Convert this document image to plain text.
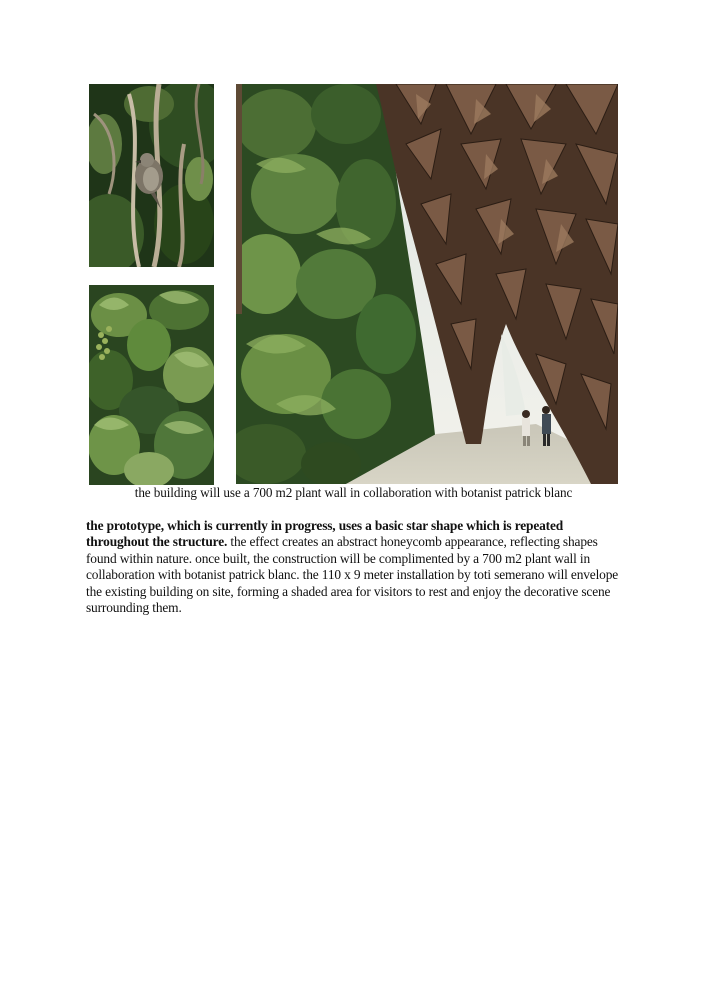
the building will use a 700 m2 plant wall in collaboration with botanist patrick blanc
the prototype, which is currently in progress, uses a basic star shape which is repeated throughout the structure. the effect creates an abstract honeycomb appearance, reflecting shapes found within nature. once built, the construction will be complimented by a 700 m2 plant wall in collaboration with botanist patrick blanc. the 110 x 9 meter installation by toti semerano will envelope the existing building on site, forming a shaded area for visitors to rest and enjoy the decorative scene surrounding them.
